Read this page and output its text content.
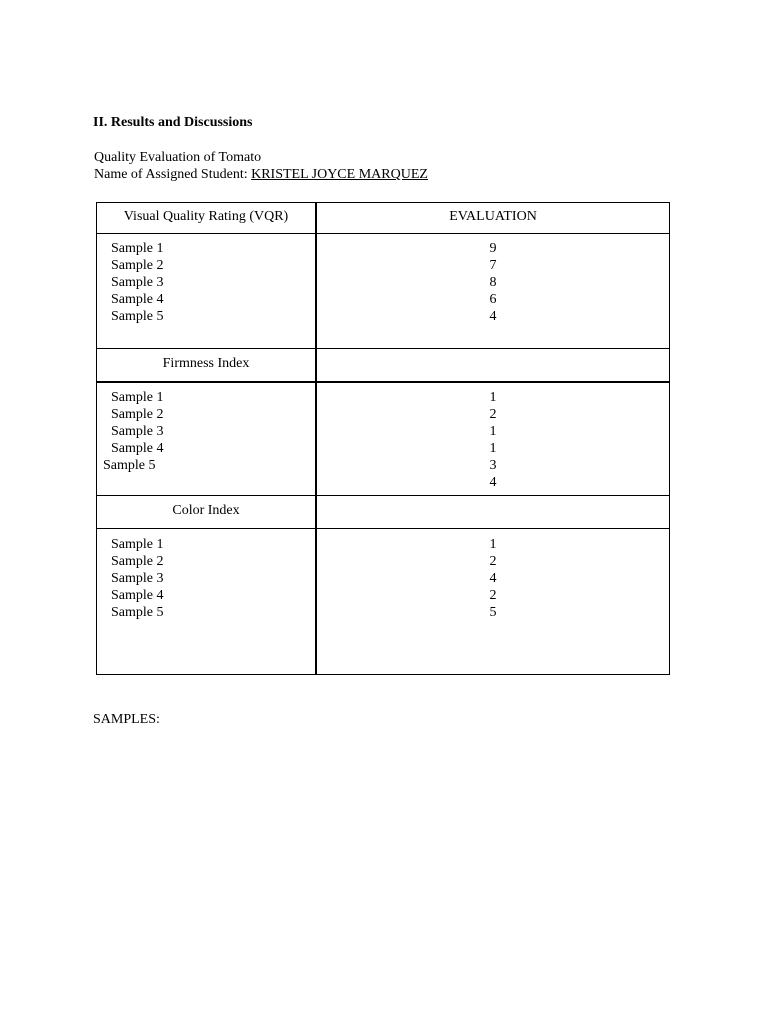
II. Results and Discussions
Quality Evaluation of Tomato
Name of Assigned Student: KRISTEL JOYCE MARQUEZ
Visual Quality Rating (VQR)	EVALUATION
Sample 1
Sample 2
Sample 3
Sample 4
Sample 5
9
7
8
6
4
Firmness Index
Sample 1
Sample 2
Sample 3
Sample 4
Sample 5
1
2
1
1
3
4
Color Index
Sample 1
Sample 2
Sample 3
Sample 4
Sample 5
1
2
4
2
5
SAMPLES:
